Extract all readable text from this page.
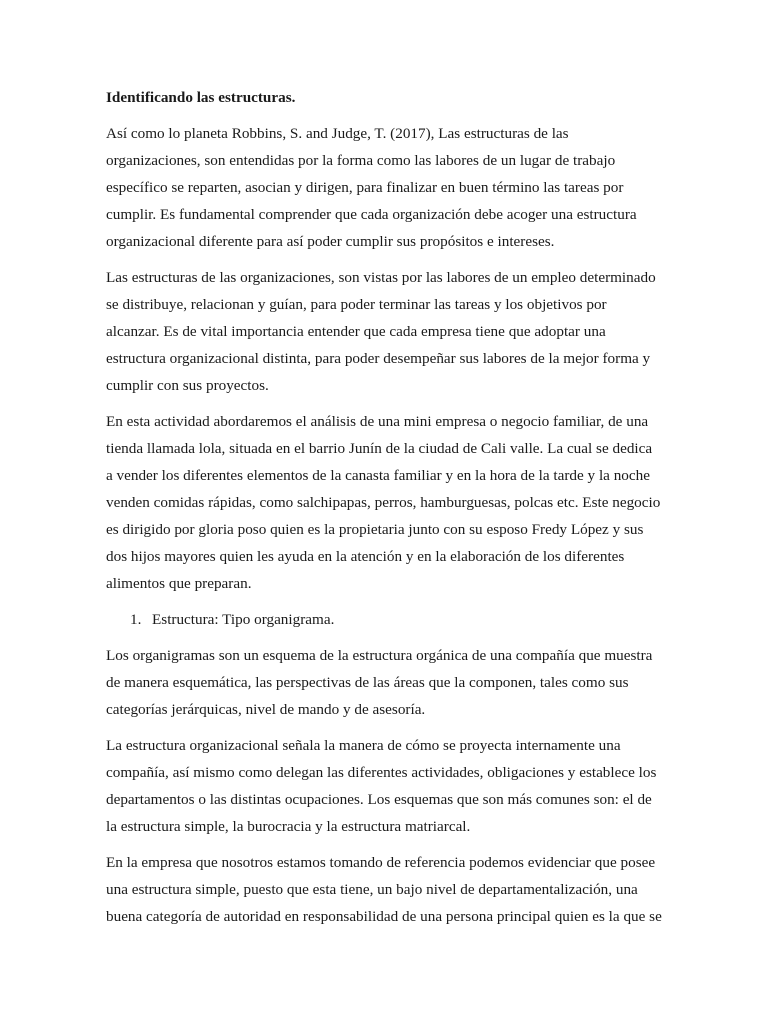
Identificando las estructuras.

Así como lo planeta Robbins, S. and Judge, T. (2017), Las estructuras de las organizaciones, son entendidas por la forma como las labores de un lugar de trabajo específico se reparten, asocian y dirigen, para finalizar en buen término las tareas por cumplir. Es fundamental comprender que cada organización debe acoger una estructura organizacional diferente para así poder cumplir sus propósitos e intereses.

Las estructuras de las organizaciones, son vistas por las labores de un empleo determinado se distribuye, relacionan y guían, para poder terminar las tareas y los objetivos por alcanzar. Es de vital importancia entender que cada empresa tiene que adoptar una estructura organizacional distinta, para poder desempeñar sus labores de la mejor forma y cumplir con sus proyectos.

En esta actividad abordaremos el análisis de una mini empresa o negocio familiar, de una tienda llamada lola, situada en el barrio Junín de la ciudad de Cali valle. La cual se dedica a vender los diferentes elementos de la canasta familiar y en la hora de la tarde y la noche venden comidas rápidas, como salchipapas, perros, hamburguesas, polcas etc. Este negocio es dirigido por gloria poso quien es la propietaria junto con su esposo Fredy López y sus dos hijos mayores quien les ayuda en la atención y en la elaboración de los diferentes alimentos que preparan.

1. Estructura: Tipo organigrama.

Los organigramas son un esquema de la estructura orgánica de una compañía que muestra de manera esquemática, las perspectivas de las áreas que la componen, tales como sus categorías jerárquicas, nivel de mando y de asesoría.

La estructura organizacional señala la manera de cómo se proyecta internamente una compañía, así mismo como delegan las diferentes actividades, obligaciones y establece los departamentos o las distintas ocupaciones. Los esquemas que son más comunes son: el de la estructura simple, la burocracia y la estructura matriarcal.

En la empresa que nosotros estamos tomando de referencia podemos evidenciar que posee una estructura simple, puesto que esta tiene, un bajo nivel de departamentalización, una buena categoría de autoridad en responsabilidad de una persona principal quien es la que se
